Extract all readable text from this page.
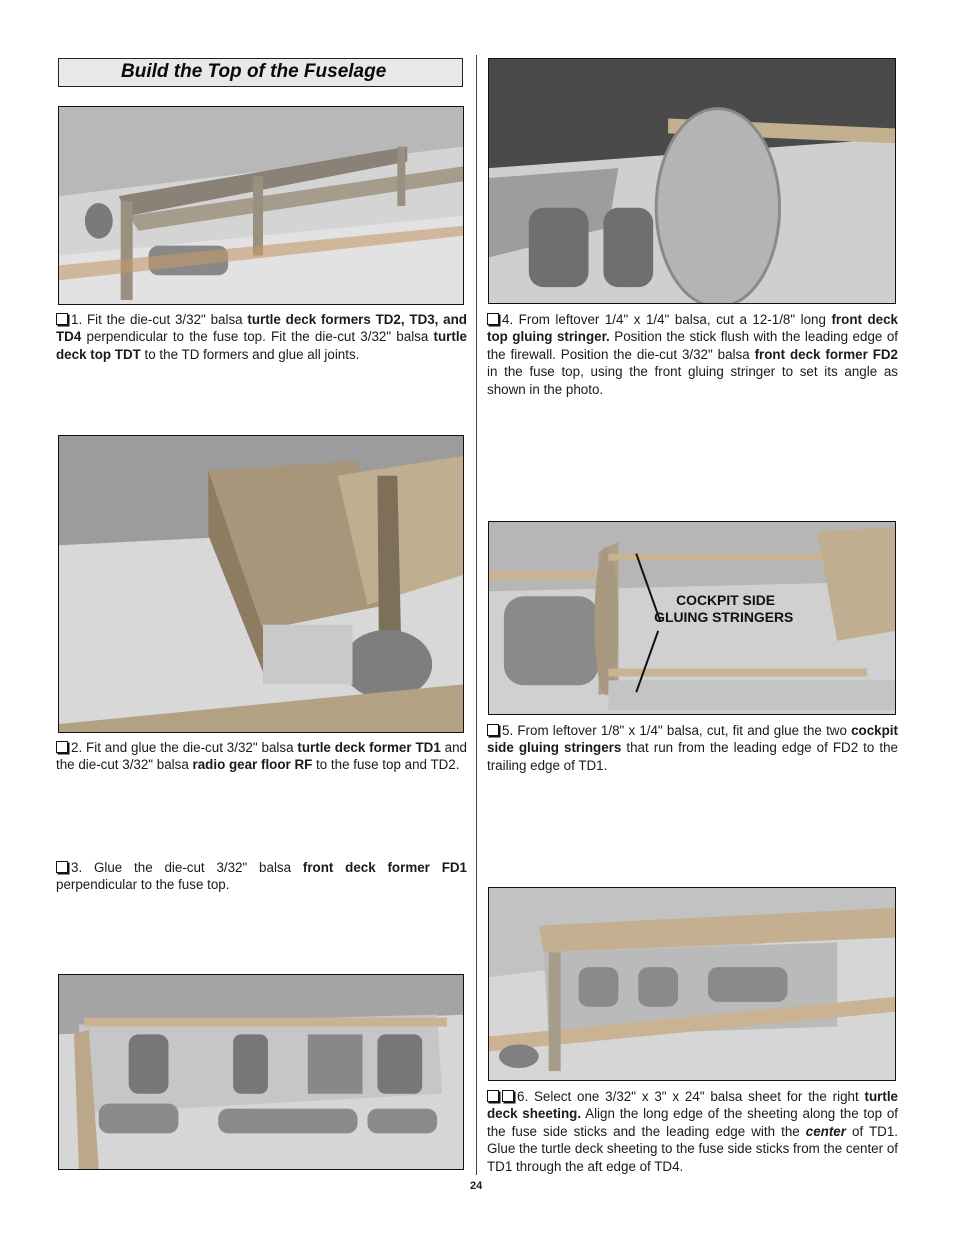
Build the Top of the Fuselage
1. Fit the die-cut 3/32" balsa turtle deck formers TD2, TD3, and TD4 perpendicular to the fuse top. Fit the die-cut 3/32" balsa turtle deck top TDT to the TD formers and glue all joints.
2. Fit and glue the die-cut 3/32" balsa turtle deck former TD1 and the die-cut 3/32" balsa radio gear floor RF to the fuse top and TD2.
3. Glue the die-cut 3/32" balsa front deck former FD1 perpendicular to the fuse top.
4. From leftover 1/4" x 1/4" balsa, cut a 12-1/8" long front deck top gluing stringer. Position the stick flush with the leading edge of the firewall. Position the die-cut 3/32" balsa front deck former FD2 in the fuse top, using the front gluing stringer to set its angle as shown in the photo.
COCKPIT SIDE
GLUING STRINGERS
5. From leftover 1/8" x 1/4" balsa, cut, fit and glue the two cockpit side gluing stringers that run from the leading edge of FD2 to the trailing edge of TD1.
6. Select one 3/32" x 3" x 24" balsa sheet for the right turtle deck sheeting. Align the long edge of the sheeting along the top of the fuse side sticks and the leading edge with the center of TD1. Glue the turtle deck sheeting to the fuse side sticks from the center of TD1 through the aft edge of TD4.
24
